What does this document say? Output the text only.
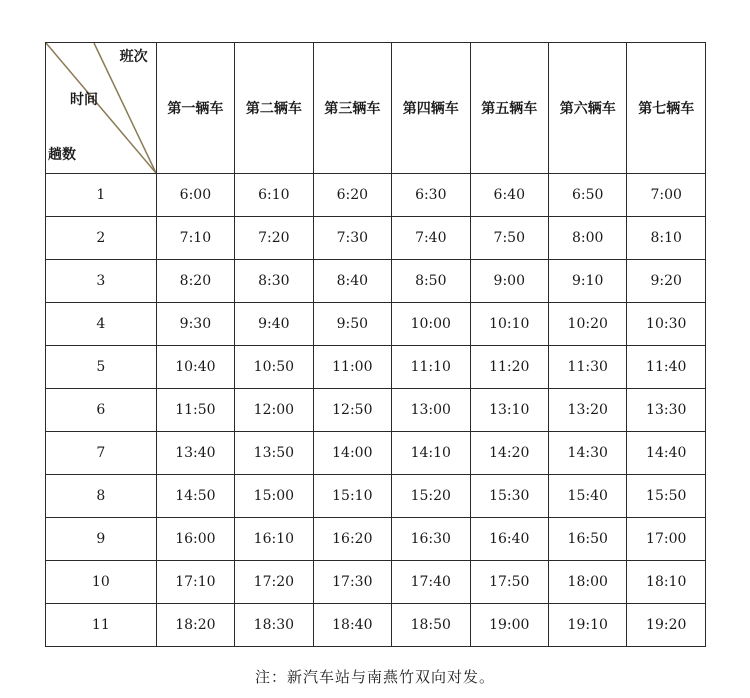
班次
时间
趟数	第一辆车	第二辆车	第三辆车	第四辆车	第五辆车	第六辆车	第七辆车
1	6:00	6:10	6:20	6:30	6:40	6:50	7:00
2	7:10	7:20	7:30	7:40	7:50	8:00	8:10
3	8:20	8:30	8:40	8:50	9:00	9:10	9:20
4	9:30	9:40	9:50	10:00	10:10	10:20	10:30
5	10:40	10:50	11:00	11:10	11:20	11:30	11:40
6	11:50	12:00	12:50	13:00	13:10	13:20	13:30
7	13:40	13:50	14:00	14:10	14:20	14:30	14:40
8	14:50	15:00	15:10	15:20	15:30	15:40	15:50
9	16:00	16:10	16:20	16:30	16:40	16:50	17:00
10	17:10	17:20	17:30	17:40	17:50	18:00	18:10
11	18:20	18:30	18:40	18:50	19:00	19:10	19:20
注：新汽车站与南燕竹双向对发。
